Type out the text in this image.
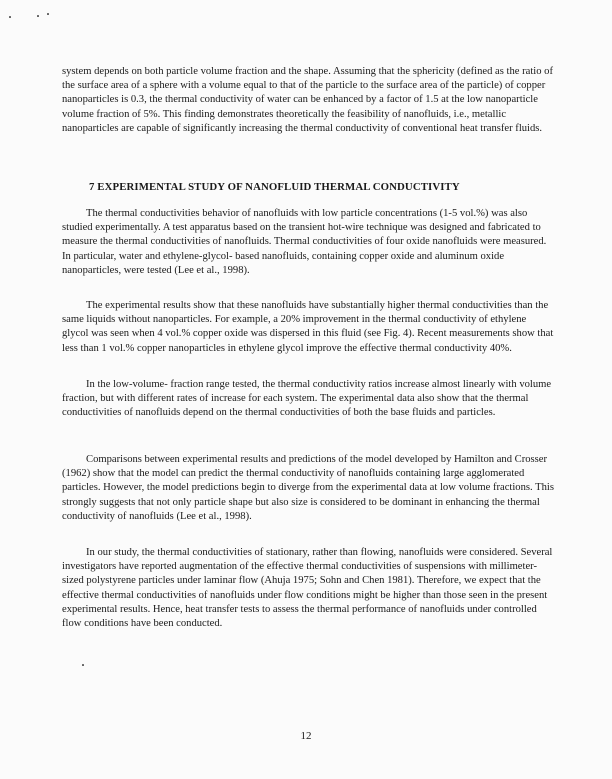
system depends on both particle volume fraction and the shape. Assuming that the sphericity (defined as the ratio of the surface area of a sphere with a volume equal to that of the particle to the surface area of the particle) of copper nanoparticles is 0.3, the thermal conductivity of water can be enhanced by a factor of 1.5 at the low nanoparticle volume fraction of 5%. This finding demonstrates theoretically the feasibility of nanofluids, i.e., metallic nanoparticles are capable of significantly increasing the thermal conductivity of conventional heat transfer fluids.

7 EXPERIMENTAL STUDY OF NANOFLUID THERMAL CONDUCTIVITY

The thermal conductivities behavior of nanofluids with low particle concentrations (1-5 vol.%) was also studied experimentally. A test apparatus based on the transient hot-wire technique was designed and fabricated to measure the thermal conductivities of nanofluids. Thermal conductivities of four oxide nanofluids were measured. In particular, water and ethylene-glycol- based nanofluids, containing copper oxide and aluminum oxide nanoparticles, were tested (Lee et al., 1998).

The experimental results show that these nanofluids have substantially higher thermal conductivities than the same liquids without nanoparticles. For example, a 20% improvement in the thermal conductivity of ethylene glycol was seen when 4 vol.% copper oxide was dispersed in this fluid (see Fig. 4). Recent measurements show that less than 1 vol.% copper nanoparticles in ethylene glycol improve the effective thermal conductivity 40%.

In the low-volume- fraction range tested, the thermal conductivity ratios increase almost linearly with volume fraction, but with different rates of increase for each system. The experimental data also show that the thermal conductivities of nanofluids depend on the thermal conductivities of both the base fluids and particles.

Comparisons between experimental results and predictions of the model developed by Hamilton and Crosser (1962) show that the model can predict the thermal conductivity of nanofluids containing large agglomerated particles. However, the model predictions begin to diverge from the experimental data at low volume fractions. This strongly suggests that not only particle shape but also size is considered to be dominant in enhancing the thermal conductivity of nanofluids (Lee et al., 1998).

In our study, the thermal conductivities of stationary, rather than flowing, nanofluids were considered. Several investigators have reported augmentation of the effective thermal conductivities of suspensions with millimeter-sized polystyrene particles under laminar flow (Ahuja 1975; Sohn and Chen 1981). Therefore, we expect that the effective thermal conductivities of nanofluids under flow conditions might be higher than those seen in the present experimental results. Hence, heat transfer tests to assess the thermal performance of nanofluids under controlled flow conditions have been conducted.

12
